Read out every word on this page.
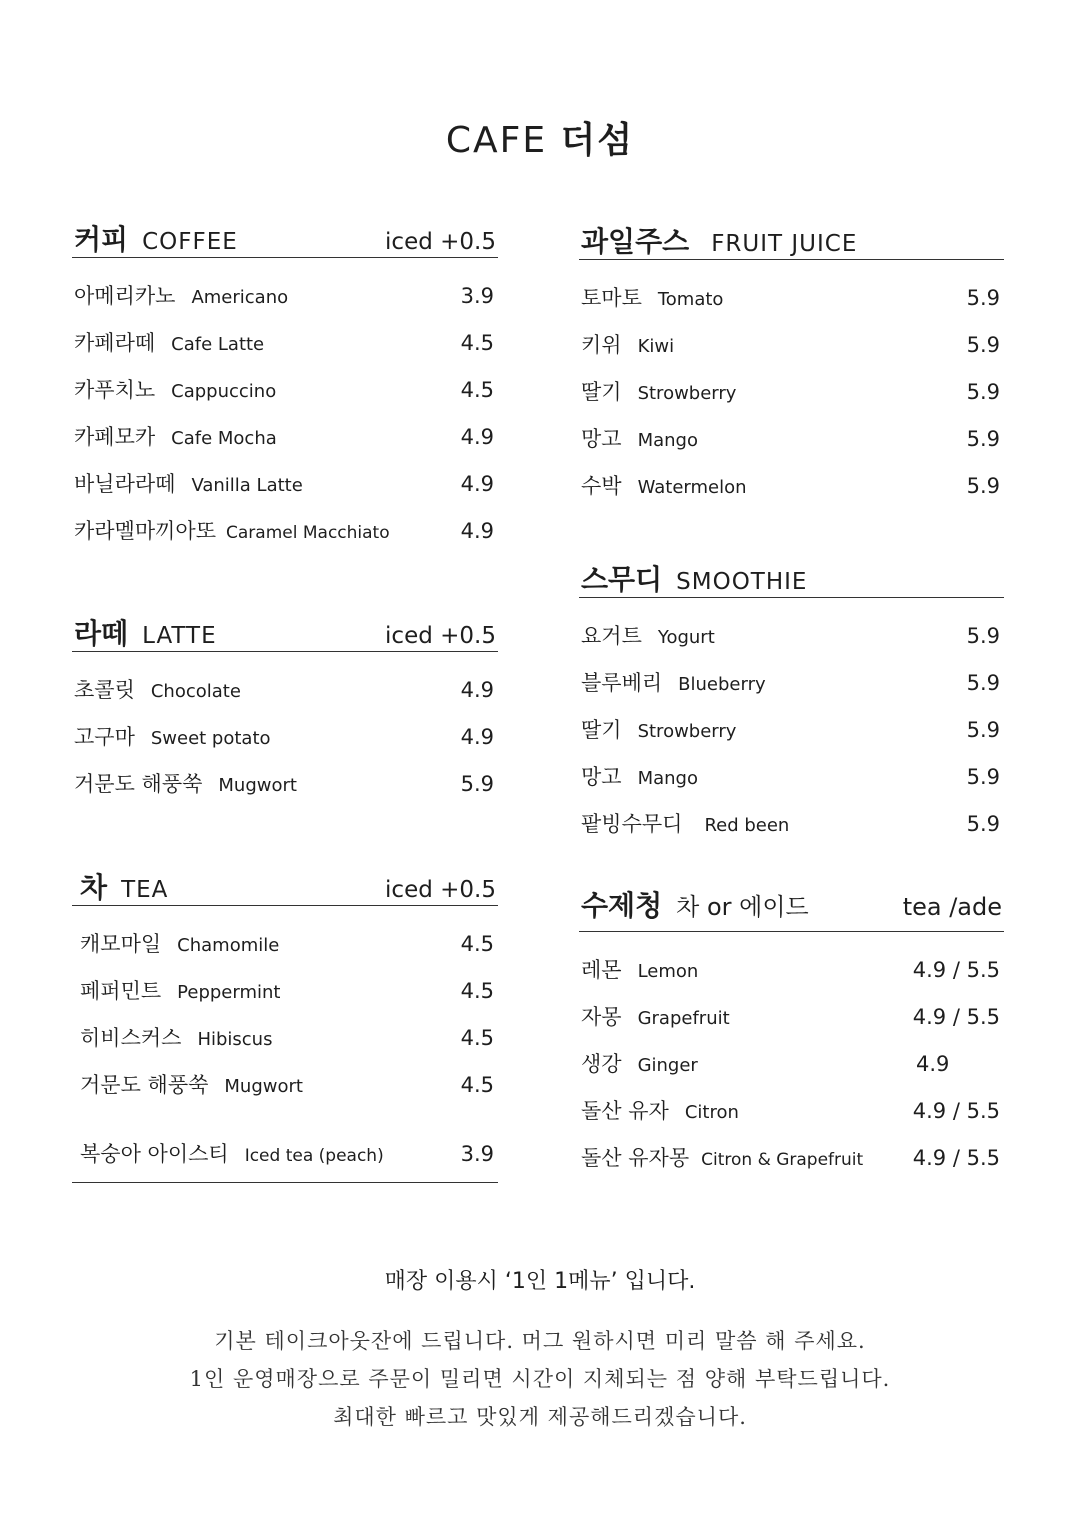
CAFE 더섬
커피 COFFEE	iced +0.5
아메리카노 Americano	3.9
카페라떼 Cafe Latte	4.5
카푸치노 Cappuccino	4.5
카페모카 Cafe Mocha	4.9
바닐라라떼 Vanilla Latte	4.9
카라멜마끼아또 Caramel Macchiato	4.9
라떼 LATTE	iced +0.5
초콜릿 Chocolate	4.9
고구마 Sweet potato	4.9
거문도 해풍쑥 Mugwort	5.9
차 TEA	iced +0.5
캐모마일 Chamomile	4.5
페퍼민트 Peppermint	4.5
히비스커스 Hibiscus	4.5
거문도 해풍쑥 Mugwort	4.5
복숭아 아이스티 Iced tea (peach)	3.9
과일주스 FRUIT JUICE
토마토 Tomato	5.9
키위 Kiwi	5.9
딸기 Strowberry	5.9
망고 Mango	5.9
수박 Watermelon	5.9
스무디 SMOOTHIE
요거트 Yogurt	5.9
블루베리 Blueberry	5.9
딸기 Strowberry	5.9
망고 Mango	5.9
팥빙수무디 Red been	5.9
수제청 차 or 에이드	tea /ade
레몬 Lemon	4.9 / 5.5
자몽 Grapefruit	4.9 / 5.5
생강 Ginger	4.9
돌산 유자 Citron	4.9 / 5.5
돌산 유자몽 Citron & Grapefruit	4.9 / 5.5

매장 이용시 ‘1인 1메뉴’ 입니다.

기본 테이크아웃잔에 드립니다. 머그 원하시면 미리 말씀 해 주세요.
1인 운영매장으로 주문이 밀리면 시간이 지체되는 점 양해 부탁드립니다.
최대한 빠르고 맛있게 제공해드리겠습니다.
